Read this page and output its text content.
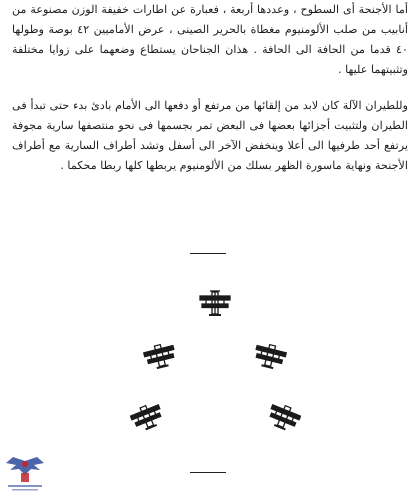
أما الأجنحة أى السطوح ، وعددها أربعة ، فعبارة عن اطارات خفيفة الوزن مصنوعة من أنابيب من صلب الألومنيوم مغطاة بالحرير الصينى ، عرض الأماميين ٤٢ بوصة وطولها ٤٠ قدما من الحافة الى الحافة . هذان الجناحان يستطاع وضعهما على زوايا مختلفة وتثبيتهما عليها .

وللطيران الآلة كان لابد من إلقائها من مرتفع أو دفعها الى الأمام بادئ بدء حتى تبدأ فى الطيران ولتثبيت أجزائها بعضها فى البعض تمر بجسمها فى نحو منتصفها سارية مجوفة يرتفع أحد طرفيها الى أعلا وينخفض الآخر الى أسفل وتشد أطراف السارية مع أطراف الأجنحة ونهاية ماسورة الظهر بسلك من الألومنيوم يربطها كلها ربطا محكما .
